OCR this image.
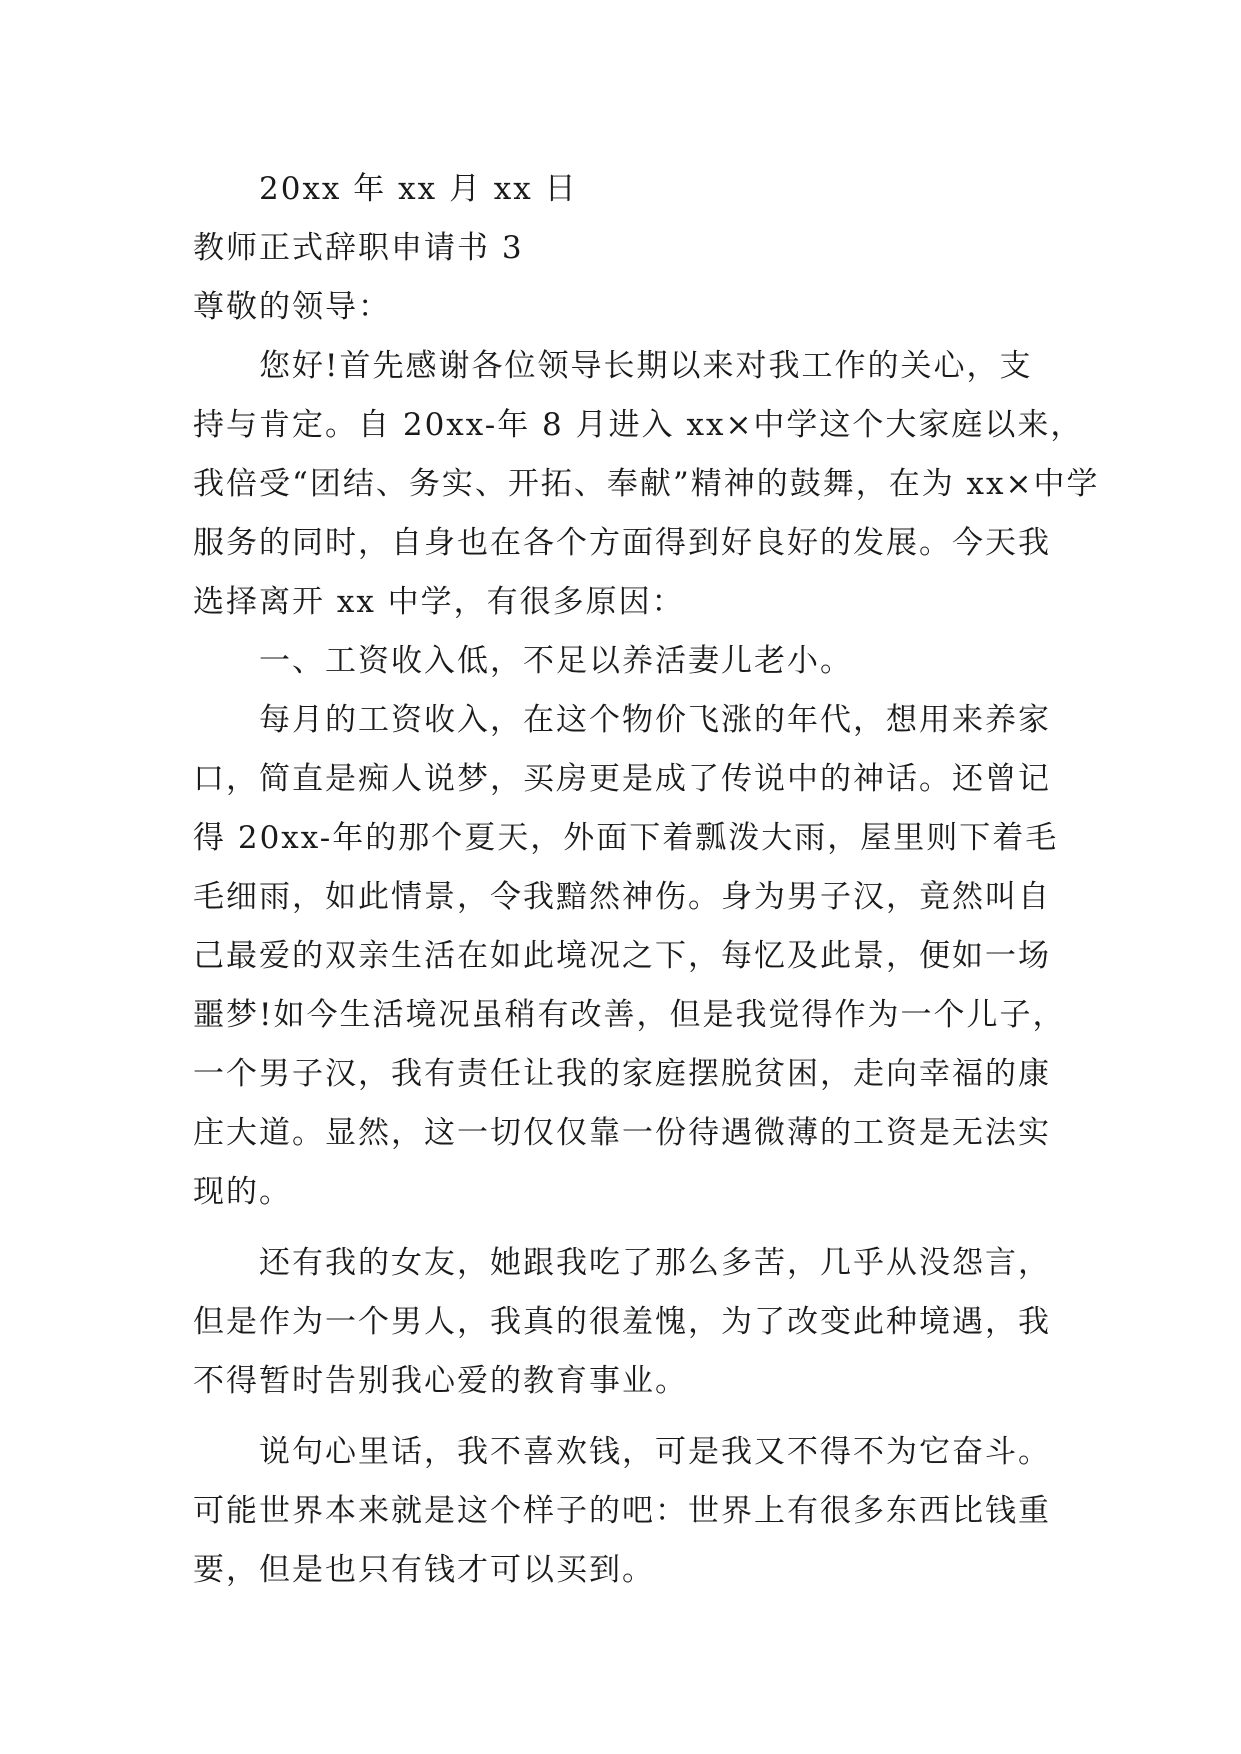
20xx 年 xx 月 xx 日
教师正式辞职申请书 3
尊敬的领导：
您好!首先感谢各位领导长期以来对我工作的关心，支
持与肯定。自 20xx-年 8 月进入 xx×中学这个大家庭以来，
我倍受“团结、务实、开拓、奉献”精神的鼓舞，在为 xx×中学
服务的同时，自身也在各个方面得到好良好的发展。今天我
选择离开 xx 中学，有很多原因：
一、工资收入低，不足以养活妻儿老小。
每月的工资收入，在这个物价飞涨的年代，想用来养家
口，简直是痴人说梦，买房更是成了传说中的神话。还曾记
得 20xx-年的那个夏天，外面下着瓢泼大雨，屋里则下着毛
毛细雨，如此情景，令我黯然神伤。身为男子汉，竟然叫自
己最爱的双亲生活在如此境况之下，每忆及此景，便如一场
噩梦!如今生活境况虽稍有改善，但是我觉得作为一个儿子，
一个男子汉，我有责任让我的家庭摆脱贫困，走向幸福的康
庄大道。显然，这一切仅仅靠一份待遇微薄的工资是无法实
现的。
还有我的女友，她跟我吃了那么多苦，几乎从没怨言，
但是作为一个男人，我真的很羞愧，为了改变此种境遇，我
不得暂时告别我心爱的教育事业。
说句心里话，我不喜欢钱，可是我又不得不为它奋斗。
可能世界本来就是这个样子的吧：世界上有很多东西比钱重
要，但是也只有钱才可以买到。
